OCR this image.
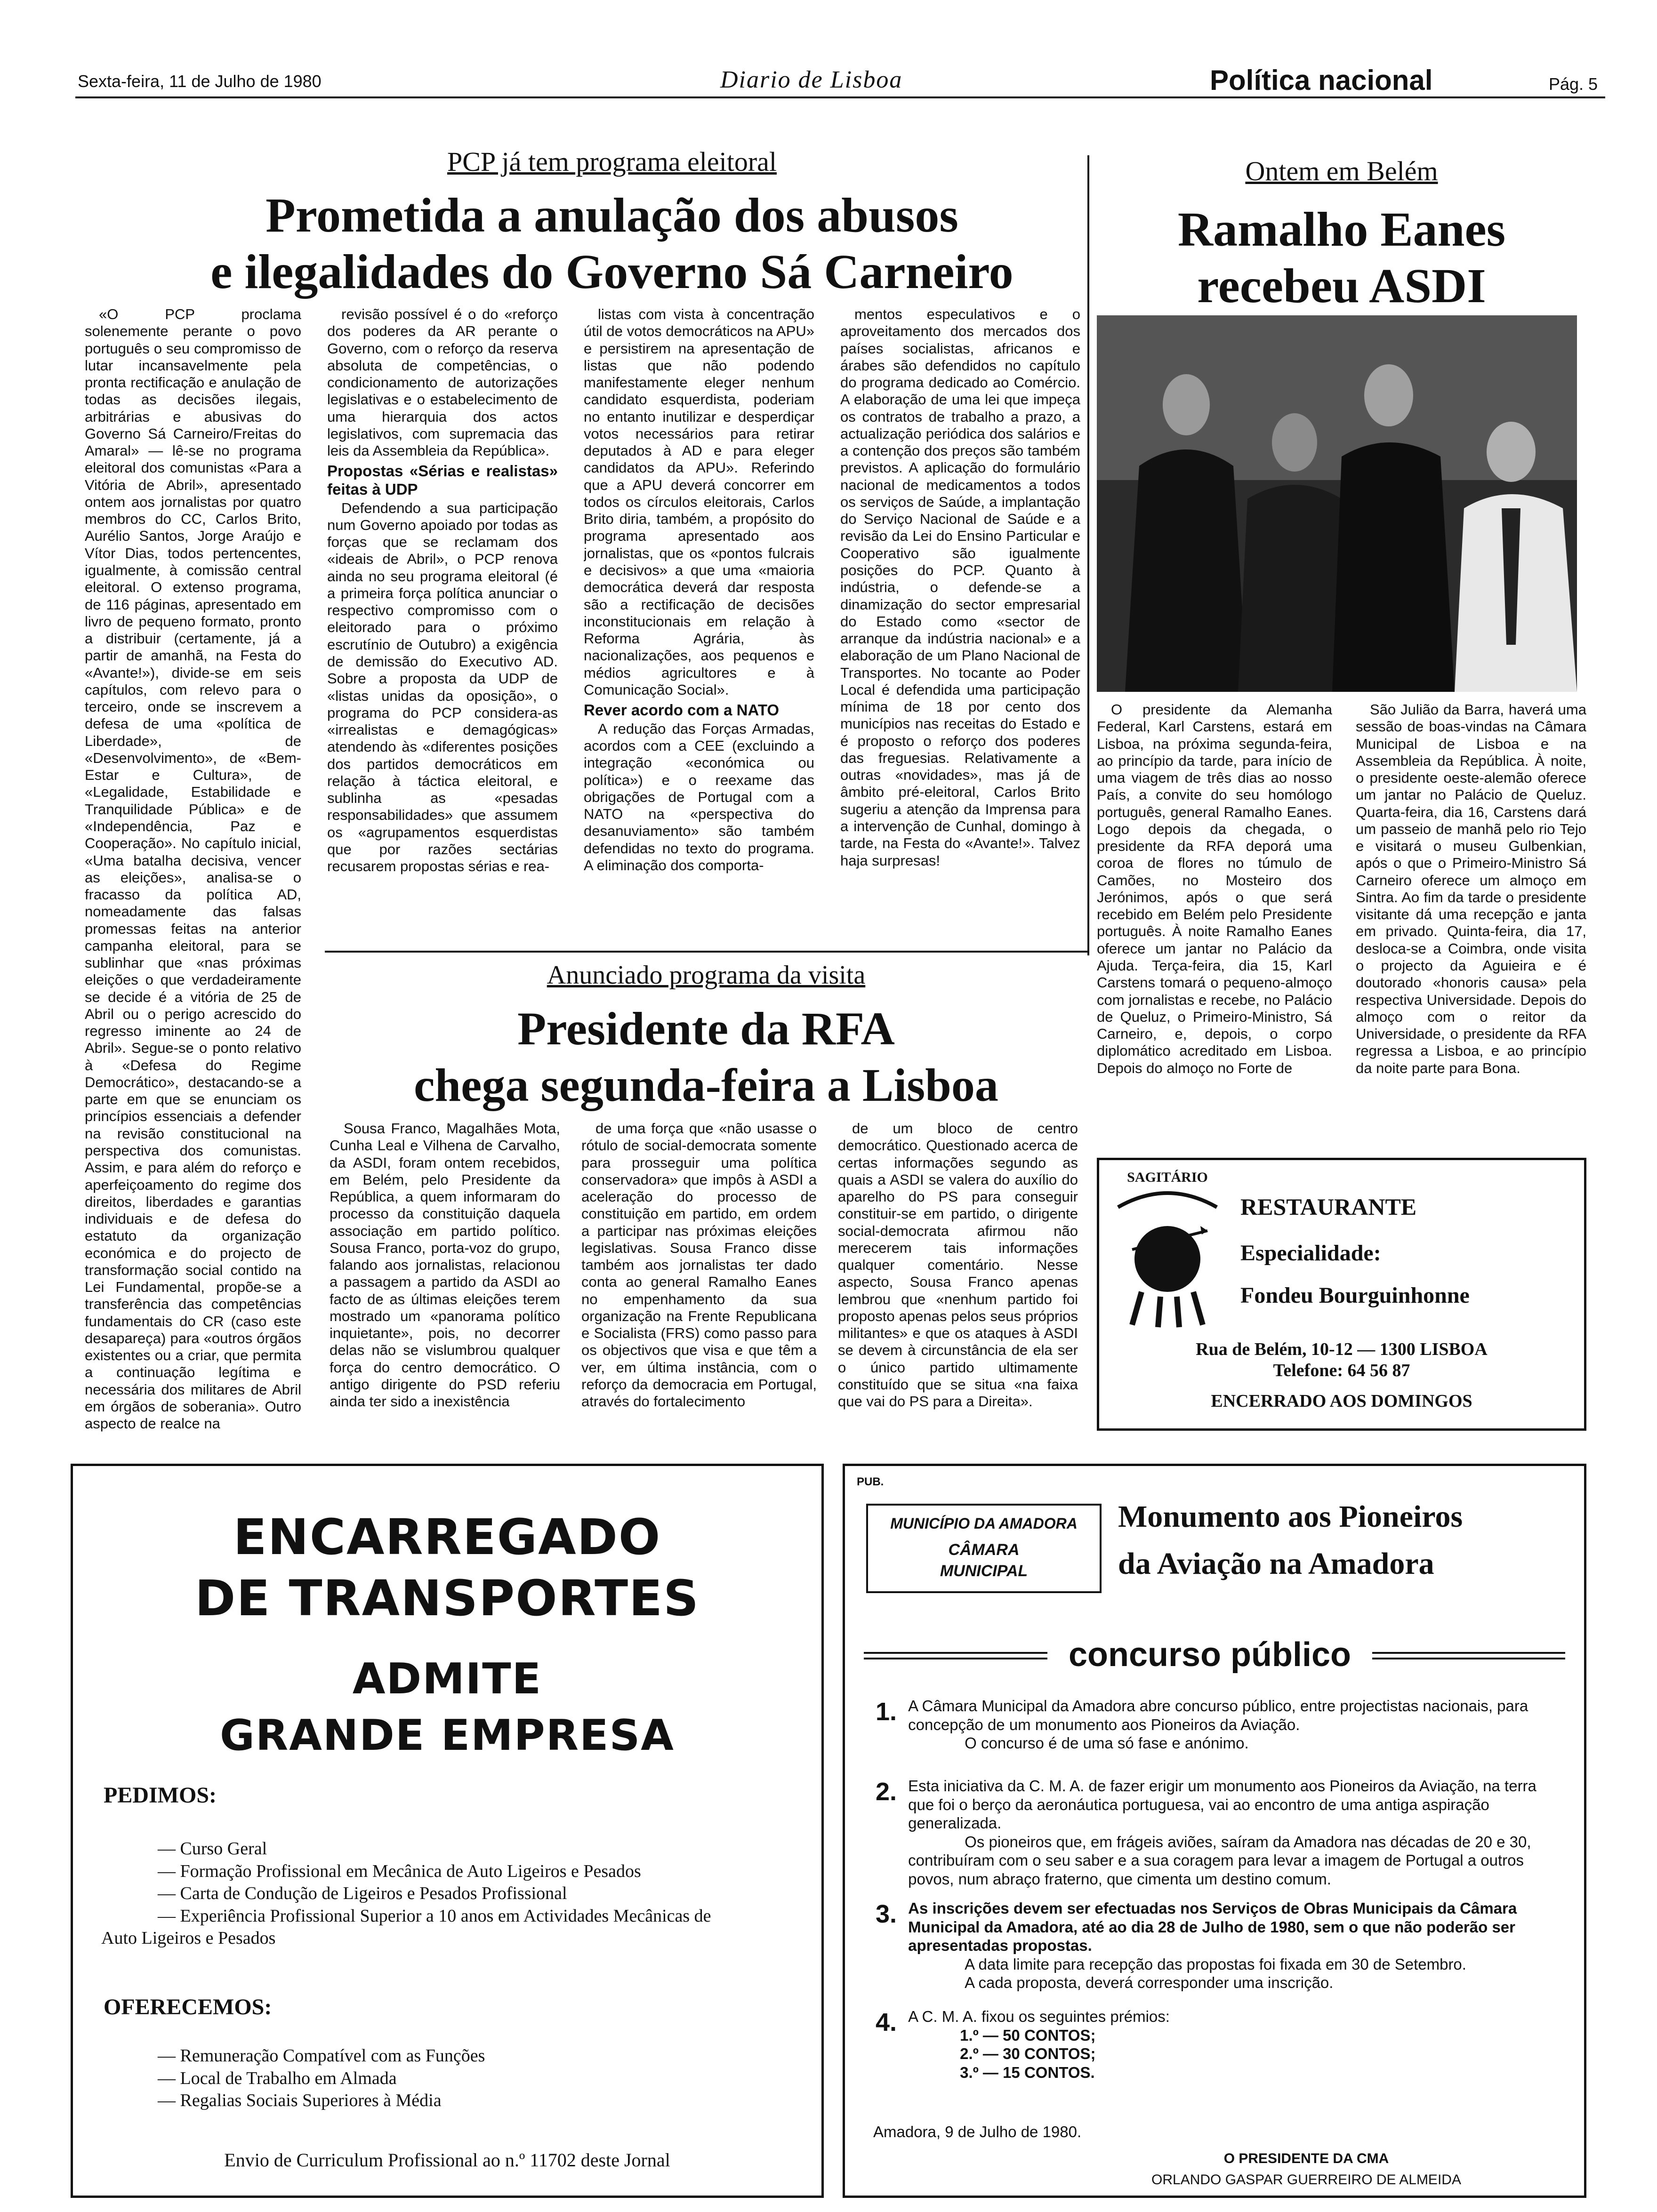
Sexta-feira, 11 de Julho de 1980	Diario de Lisboa	Política nacional	Pág. 5
PCP já tem programa eleitoral
Prometida a anulação dos abusos
e ilegalidades do Governo Sá Carneiro

«O PCP proclama solenemente perante o povo português o seu compromisso de lutar incansavelmente pela pronta rectificação e anulação de todas as decisões ilegais, arbitrárias e abusivas do Governo Sá Carneiro/Freitas do Amaral» — lê-se no programa eleitoral dos comunistas «Para a Vitória de Abril», apresentado ontem aos jornalistas por quatro membros do CC, Carlos Brito, Aurélio Santos, Jorge Araújo e Vítor Dias, todos pertencentes, igualmente, à comissão central eleitoral. O extenso programa, de 116 páginas, apresentado em livro de pequeno formato, pronto a distribuir (certamente, já a partir de amanhã, na Festa do «Avante!»), divide-se em seis capítulos, com relevo para o terceiro, onde se inscrevem a defesa de uma «política de Liberdade», de «Desenvolvimento», de «Bem-Estar e Cultura», de «Legalidade, Estabilidade e Tranquilidade Pública» e de «Independência, Paz e Cooperação». No capítulo inicial, «Uma batalha decisiva, vencer as eleições», analisa-se o fracasso da política AD, nomeadamente das falsas promessas feitas na anterior campanha eleitoral, para se sublinhar que «nas próximas eleições o que verdadeiramente se decide é a vitória de 25 de Abril ou o perigo acrescido do regresso iminente ao 24 de Abril». Segue-se o ponto relativo à «Defesa do Regime Democrático», destacando-se a parte em que se enunciam os princípios essenciais a defender na revisão constitucional na perspectiva dos comunistas. Assim, e para além do reforço e aperfeiçoamento do regime dos direitos, liberdades e garantias individuais e de defesa do estatuto da organização económica e do projecto de transformação social contido na Lei Fundamental, propõe-se a transferência das competências fundamentais do CR (caso este desapareça) para «outros órgãos existentes ou a criar, que permita a continuação legítima e necessária dos militares de Abril em órgãos de soberania». Outro aspecto de realce na

revisão possível é o do «reforço dos poderes da AR perante o Governo, com o reforço da reserva absoluta de competências, o condicionamento de autorizações legislativas e o estabelecimento de uma hierarquia dos actos legislativos, com supremacia das leis da Assembleia da República».

Propostas «Sérias e realistas» feitas à UDP

Defendendo a sua participação num Governo apoiado por todas as forças que se reclamam dos «ideais de Abril», o PCP renova ainda no seu programa eleitoral (é a primeira força política anunciar o respectivo compromisso com o eleitorado para o próximo escrutínio de Outubro) a exigência de demissão do Executivo AD. Sobre a proposta da UDP de «listas unidas da oposição», o programa do PCP considera-as «irrealistas e demagógicas» atendendo às «diferentes posições dos partidos democráticos em relação à táctica eleitoral, e sublinha as «pesadas responsabilidades» que assumem os «agrupamentos esquerdistas que por razões sectárias recusarem propostas sérias e rea-

listas com vista à concentração útil de votos democráticos na APU» e persistirem na apresentação de listas que não podendo manifestamente eleger nenhum candidato esquerdista, poderiam no entanto inutilizar e desperdiçar votos necessários para retirar deputados à AD e para eleger candidatos da APU». Referindo que a APU deverá concorrer em todos os círculos eleitorais, Carlos Brito diria, também, a propósito do programa apresentado aos jornalistas, que os «pontos fulcrais e decisivos» a que uma «maioria democrática deverá dar resposta são a rectificação de decisões inconstitucionais em relação à Reforma Agrária, às nacionalizações, aos pequenos e médios agricultores e à Comunicação Social».

Rever acordo com a NATO

A redução das Forças Armadas, acordos com a CEE (excluindo a integração «económica ou política») e o reexame das obrigações de Portugal com a NATO na «perspectiva do desanuviamento» são também defendidas no texto do programa. A eliminação dos comporta-

mentos especulativos e o aproveitamento dos mercados dos países socialistas, africanos e árabes são defendidos no capítulo do programa dedicado ao Comércio. A elaboração de uma lei que impeça os contratos de trabalho a prazo, a actualização periódica dos salários e a contenção dos preços são também previstos. A aplicação do formulário nacional de medicamentos a todos os serviços de Saúde, a implantação do Serviço Nacional de Saúde e a revisão da Lei do Ensino Particular e Cooperativo são igualmente posições do PCP. Quanto à indústria, o defende-se a dinamização do sector empresarial do Estado como «sector de arranque da indústria nacional» e a elaboração de um Plano Nacional de Transportes. No tocante ao Poder Local é defendida uma participação mínima de 18 por cento dos municípios nas receitas do Estado e é proposto o reforço dos poderes das freguesias. Relativamente a outras «novidades», mas já de âmbito pré-eleitoral, Carlos Brito sugeriu a atenção da Imprensa para a intervenção de Cunhal, domingo à tarde, na Festa do «Avante!». Talvez haja surpresas!

Ontem em Belém
Ramalho Eanes
recebeu ASDI

O presidente da Alemanha Federal, Karl Carstens, estará em Lisboa, na próxima segunda-feira, ao princípio da tarde, para início de uma viagem de três dias ao nosso País, a convite do seu homólogo português, general Ramalho Eanes. Logo depois da chegada, o presidente da RFA deporá uma coroa de flores no túmulo de Camões, no Mosteiro dos Jerónimos, após o que será recebido em Belém pelo Presidente português. À noite Ramalho Eanes oferece um jantar no Palácio da Ajuda. Terça-feira, dia 15, Karl Carstens tomará o pequeno-almoço com jornalistas e recebe, no Palácio de Queluz, o Primeiro-Ministro, Sá Carneiro, e, depois, o corpo diplomático acreditado em Lisboa. Depois do almoço no Forte de

São Julião da Barra, haverá uma sessão de boas-vindas na Câmara Municipal de Lisboa e na Assembleia da República. À noite, o presidente oeste-alemão oferece um jantar no Palácio de Queluz. Quarta-feira, dia 16, Carstens dará um passeio de manhã pelo rio Tejo e visitará o museu Gulbenkian, após o que o Primeiro-Ministro Sá Carneiro oferece um almoço em Sintra. Ao fim da tarde o presidente visitante dá uma recepção e janta em privado. Quinta-feira, dia 17, desloca-se a Coimbra, onde visita o projecto da Aguieira e é doutorado «honoris causa» pela respectiva Universidade. Depois do almoço com o reitor da Universidade, o presidente da RFA regressa a Lisboa, e ao princípio da noite parte para Bona.

Anunciado programa da visita
Presidente da RFA
chega segunda-feira a Lisboa

Sousa Franco, Magalhães Mota, Cunha Leal e Vilhena de Carvalho, da ASDI, foram ontem recebidos, em Belém, pelo Presidente da República, a quem informaram do processo da constituição daquela associação em partido político. Sousa Franco, porta-voz do grupo, falando aos jornalistas, relacionou a passagem a partido da ASDI ao facto de as últimas eleições terem mostrado um «panorama político inquietante», pois, no decorrer delas não se vislumbrou qualquer força do centro democrático. O antigo dirigente do PSD referiu ainda ter sido a inexistência

de uma força que «não usasse o rótulo de social-democrata somente para prosseguir uma política conservadora» que impôs à ASDI a aceleração do processo de constituição em partido, em ordem a participar nas próximas eleições legislativas. Sousa Franco disse também aos jornalistas ter dado conta ao general Ramalho Eanes no empenhamento da sua organização na Frente Republicana e Socialista (FRS) como passo para os objectivos que visa e que têm a ver, em última instância, com o reforço da democracia em Portugal, através do fortalecimento

de um bloco de centro democrático. Questionado acerca de certas informações segundo as quais a ASDI se valera do auxílio do aparelho do PS para conseguir constituir-se em partido, o dirigente social-democrata afirmou não merecerem tais informações qualquer comentário. Nesse aspecto, Sousa Franco apenas lembrou que «nenhum partido foi proposto apenas pelos seus próprios militantes» e que os ataques à ASDI se devem à circunstância de ela ser o único partido ultimamente constituído que se situa «na faixa que vai do PS para a Direita».

SAGITÁRIO
RESTAURANTE
Especialidade:
Fondeu Bourguinhonne
Rua de Belém, 10-12 — 1300 LISBOA
Telefone: 64 56 87
ENCERRADO AOS DOMINGOS
ENCARREGADO
DE TRANSPORTES
ADMITE
GRANDE EMPRESA
PEDIMOS:
— Curso Geral
— Formação Profissional em Mecânica de Auto Ligeiros e Pesados
— Carta de Condução de Ligeiros e Pesados Profissional
— Experiência Profissional Superior a 10 anos em Actividades Mecânicas de
Auto Ligeiros e Pesados
OFERECEMOS:
— Remuneração Compatível com as Funções
— Local de Trabalho em Almada
— Regalias Sociais Superiores à Média
Envio de Curriculum Profissional ao n.º 11702 deste Jornal
PUB.
MUNICÍPIO DA AMADORA
CÂMARA
MUNICIPAL
Monumento aos Pioneiros
da Aviação na Amadora
concurso público
1. A Câmara Municipal da Amadora abre concurso público, entre projectistas nacionais, para concepção de um monumento aos Pioneiros da Aviação.
O concurso é de uma só fase e anónimo.
2. Esta iniciativa da C. M. A. de fazer erigir um monumento aos Pioneiros da Aviação, na terra que foi o berço da aeronáutica portuguesa, vai ao encontro de uma antiga aspiração generalizada.
Os pioneiros que, em frágeis aviões, saíram da Amadora nas décadas de 20 e 30, contribuíram com o seu saber e a sua coragem para levar a imagem de Portugal a outros povos, num abraço fraterno, que cimenta um destino comum.
3. As inscrições devem ser efectuadas nos Serviços de Obras Municipais da Câmara Municipal da Amadora, até ao dia 28 de Julho de 1980, sem o que não poderão ser apresentadas propostas.
A data limite para recepção das propostas foi fixada em 30 de Setembro.
A cada proposta, deverá corresponder uma inscrição.
4. A C. M. A. fixou os seguintes prémios:
1.º — 50 CONTOS;
2.º — 30 CONTOS;
3.º — 15 CONTOS.
Amadora, 9 de Julho de 1980.
O PRESIDENTE DA CMA
ORLANDO GASPAR GUERREIRO DE ALMEIDA
